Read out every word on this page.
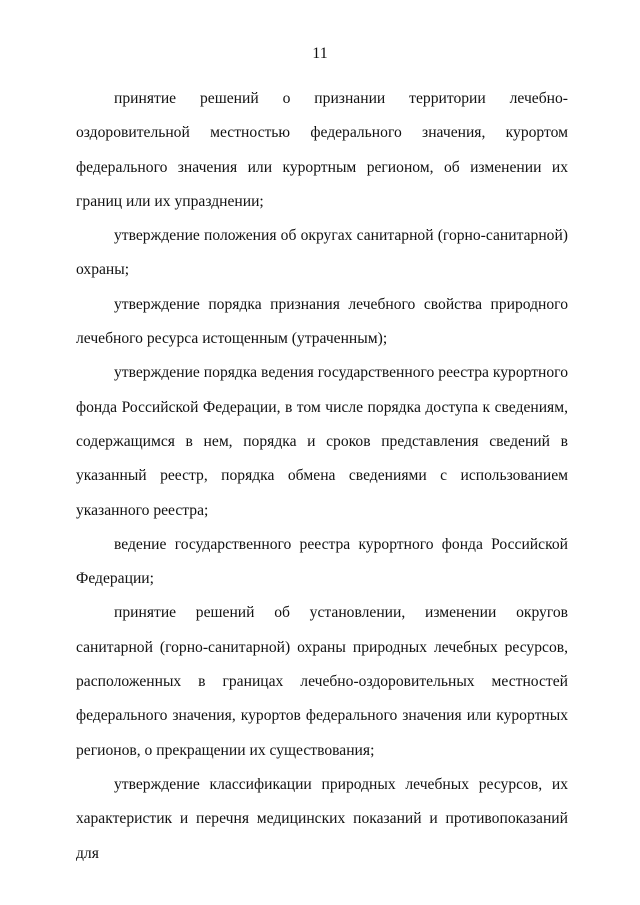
11

принятие решений о признании территории лечебно-оздоровительной местностью федерального значения, курортом федерального значения или курортным регионом, об изменении их границ или их упразднении;

утверждение положения об округах санитарной (горно-санитарной) охраны;

утверждение порядка признания лечебного свойства природного лечебного ресурса истощенным (утраченным);

утверждение порядка ведения государственного реестра курортного фонда Российской Федерации, в том числе порядка доступа к сведениям, содержащимся в нем, порядка и сроков представления сведений в указанный реестр, порядка обмена сведениями с использованием указанного реестра;

ведение государственного реестра курортного фонда Российской Федерации;

принятие решений об установлении, изменении округов санитарной (горно-санитарной) охраны природных лечебных ресурсов, расположенных в границах лечебно-оздоровительных местностей федерального значения, курортов федерального значения или курортных регионов, о прекращении их существования;

утверждение классификации природных лечебных ресурсов, их характеристик и перечня медицинских показаний и противопоказаний для
